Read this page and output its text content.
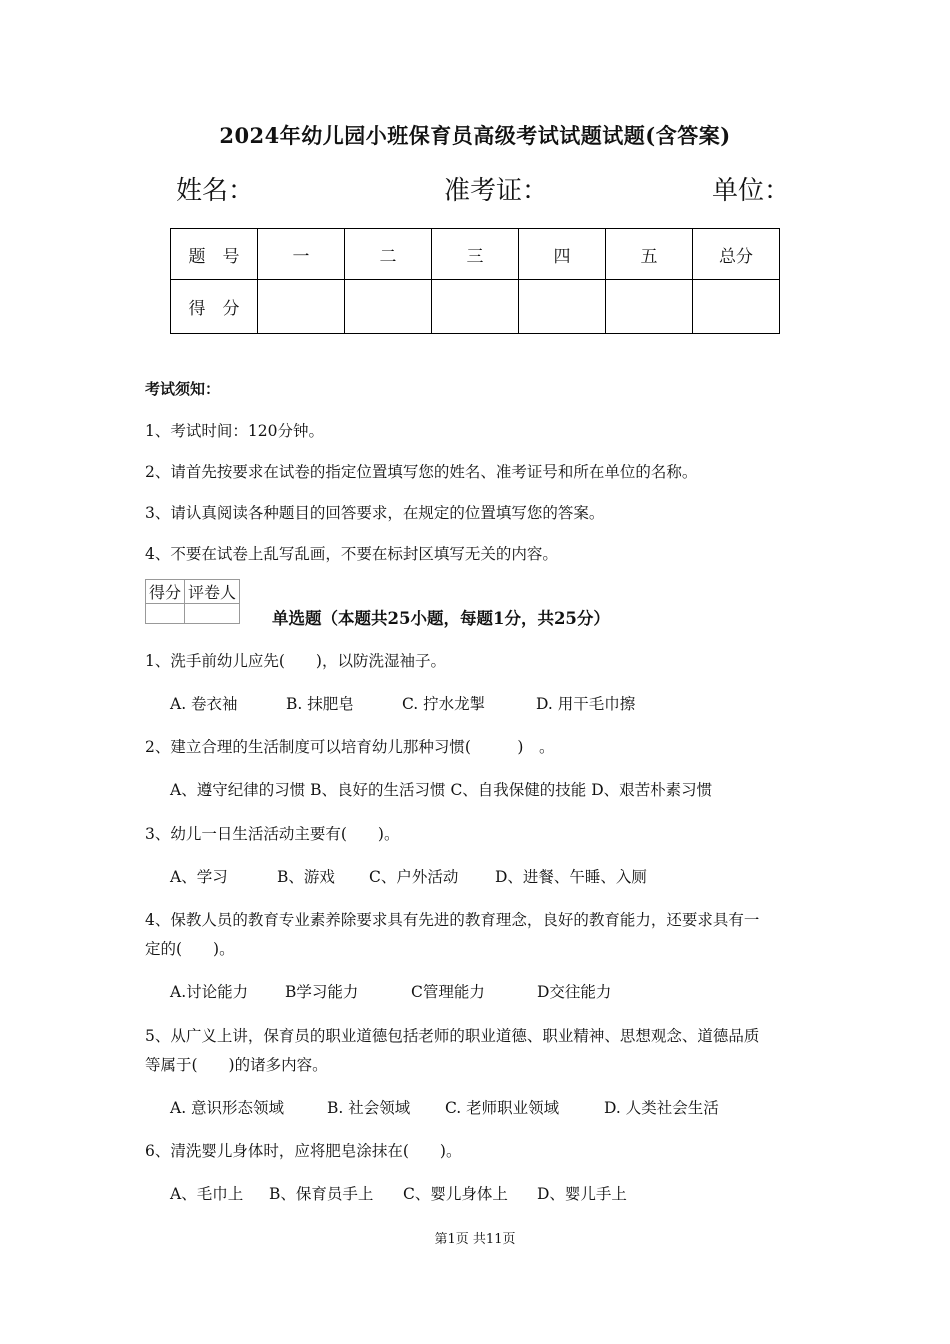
2024年幼儿园小班保育员高级考试试题试题(含答案)
姓名：	准考证：	单位：
题　号	一	二	三	四	五	总分
得　分						
考试须知：
1、考试时间：120分钟。
2、请首先按要求在试卷的指定位置填写您的姓名、准考证号和所在单位的名称。
3、请认真阅读各种题目的回答要求，在规定的位置填写您的答案。
4、不要在试卷上乱写乱画，不要在标封区填写无关的内容。
得分	评卷人

单选题（本题共25小题，每题1分，共25分）
1、洗手前幼儿应先(　　)，以防洗湿袖子。
A. 卷衣袖	B. 抹肥皂	C. 拧水龙掣	D. 用干毛巾擦
2、建立合理的生活制度可以培育幼儿那种习惯(　　　)　。
A、遵守纪律的习惯 B、良好的生活习惯 C、自我保健的技能 D、艰苦朴素习惯
3、幼儿一日生活活动主要有(　　)。
A、学习	B、游戏 C、户外活动 D、进餐、午睡、入厕
4、保教人员的教育专业素养除要求具有先进的教育理念，良好的教育能力，还要求具有一
定的(　　)。
A.讨论能力 B学习能力	C管理能力	D交往能力
5、从广义上讲，保育员的职业道德包括老师的职业道德、职业精神、思想观念、道德品质
等属于(　　)的诸多内容。
A. 意识形态领域	B. 社会领域 C. 老师职业领域	D. 人类社会生活
6、清洗婴儿身体时，应将肥皂涂抹在(　　)。
A、毛巾上 B、保育员手上 C、婴儿身体上 D、婴儿手上
第1页 共11页
